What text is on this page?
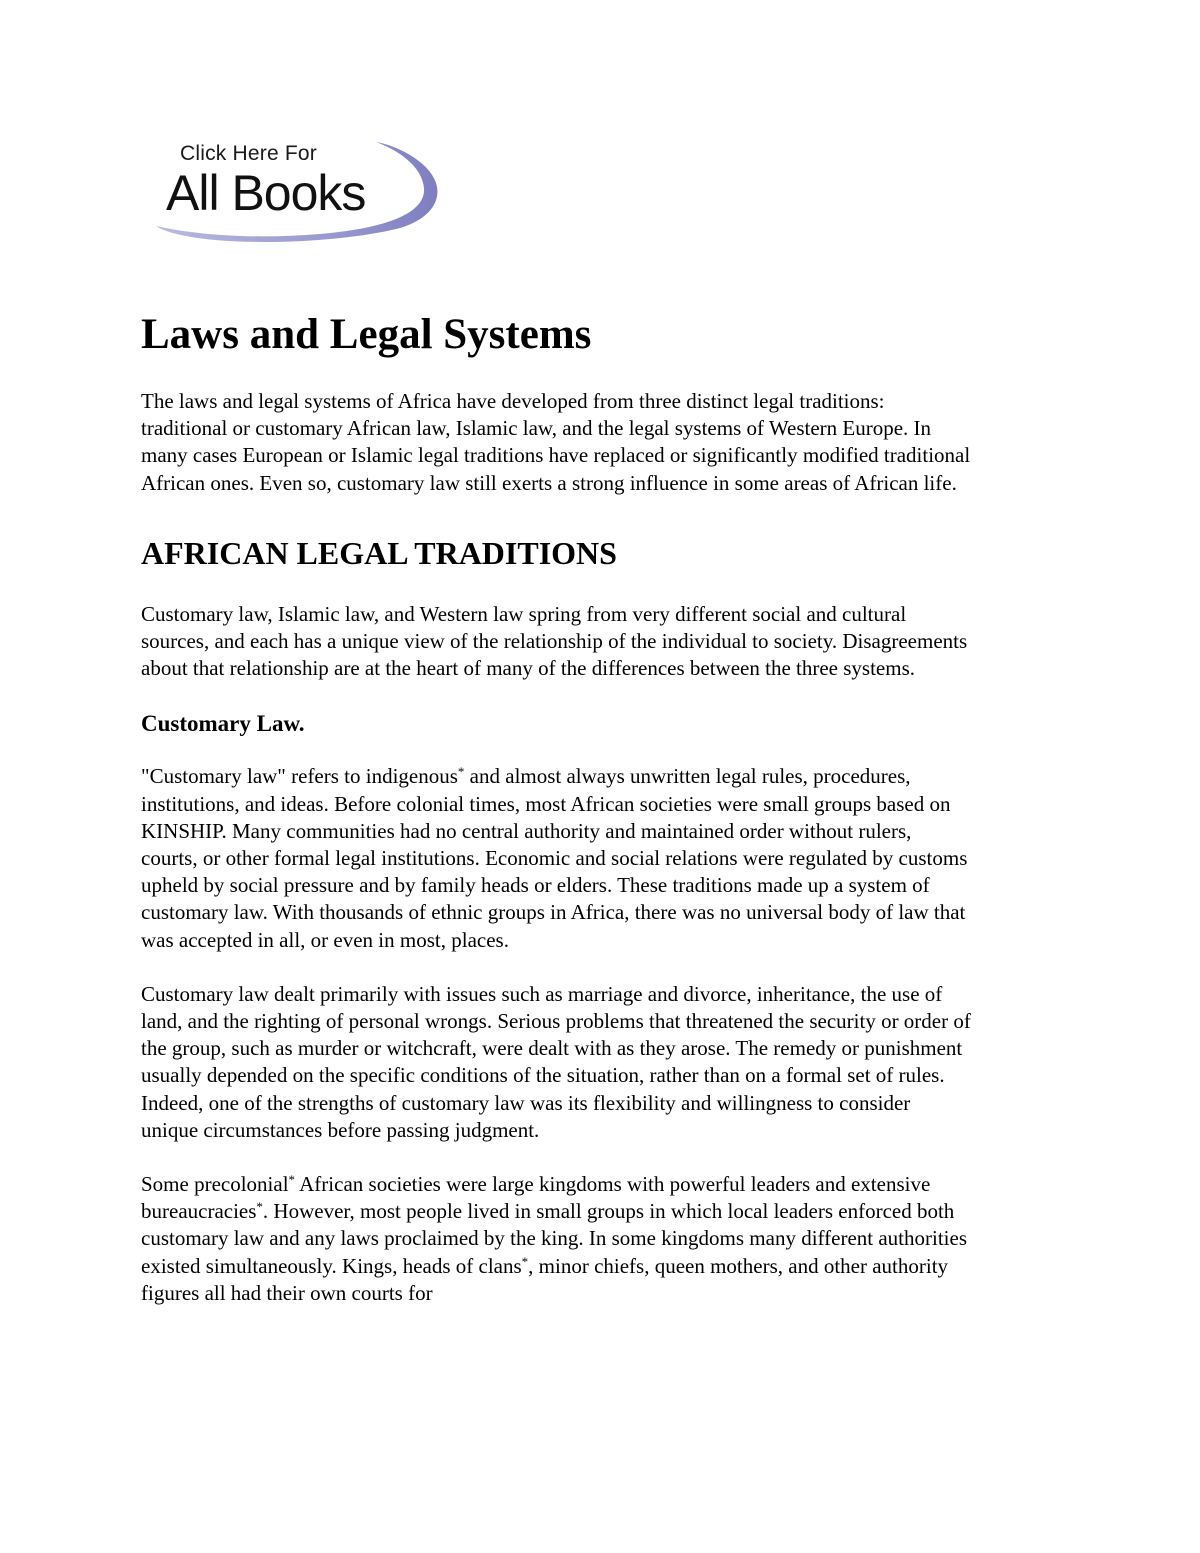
Click Here For
All Books
Laws and Legal Systems

The laws and legal systems of Africa have developed from three distinct legal traditions: traditional or customary African law, Islamic law, and the legal systems of Western Europe. In many cases European or Islamic legal traditions have replaced or significantly modified traditional African ones. Even so, customary law still exerts a strong influence in some areas of African life.

AFRICAN LEGAL TRADITIONS

Customary law, Islamic law, and Western law spring from very different social and cultural sources, and each has a unique view of the relationship of the individual to society. Disagreements about that relationship are at the heart of many of the differences between the three systems.

Customary Law.

"Customary law" refers to indigenous* and almost always unwritten legal rules, procedures, institutions, and ideas. Before colonial times, most African societies were small groups based on KINSHIP. Many communities had no central authority and maintained order without rulers, courts, or other formal legal institutions. Economic and social relations were regulated by customs upheld by social pressure and by family heads or elders. These traditions made up a system of customary law. With thousands of ethnic groups in Africa, there was no universal body of law that was accepted in all, or even in most, places.

Customary law dealt primarily with issues such as marriage and divorce, inheritance, the use of land, and the righting of personal wrongs. Serious problems that threatened the security or order of the group, such as murder or witchcraft, were dealt with as they arose. The remedy or punishment usually depended on the specific conditions of the situation, rather than on a formal set of rules. Indeed, one of the strengths of customary law was its flexibility and willingness to consider unique circumstances before passing judgment.

Some precolonial* African societies were large kingdoms with powerful leaders and extensive bureaucracies*. However, most people lived in small groups in which local leaders enforced both customary law and any laws proclaimed by the king. In some kingdoms many different authorities existed simultaneously. Kings, heads of clans*, minor chiefs, queen mothers, and other authority figures all had their own courts for
